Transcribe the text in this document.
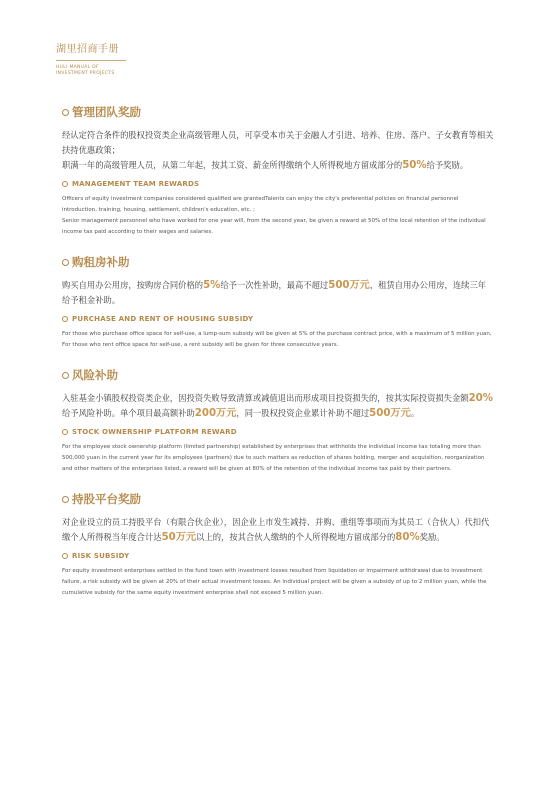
湖里招商手册
HULI MANUAL OF
INVESTMENT PROJECTS
管理团队奖励

经认定符合条件的股权投资类企业高级管理人员，可享受本市关于金融人才引进、培养、住房、落户、子女教育等相关扶持优惠政策；

职满一年的高级管理人员，从第二年起，按其工资、薪金所得缴纳个人所得税地方留成部分的50%给予奖励。

MANAGEMENT TEAM REWARDS

Officers of equity investment companies considered qualified are grantedTalents can enjoy the city's preferential policies on financial personnel introduction, training, housing, settlement, children's education, etc. ;

Senior management personnel who have worked for one year will, from the second year, be given a reward at 50% of the local retention of the individual income tax paid according to their wages and salaries.

购租房补助

购买自用办公用房，按购房合同价格的5%给予一次性补助，最高不超过500万元，租赁自用办公用房，连续三年给予租金补助。

PURCHASE AND RENT OF HOUSING SUBSIDY

For those who purchase office space for self-use, a lump-sum subsidy will be given at 5% of the purchase contract price, with a maximum of 5 million yuan, For those who rent office space for self-use, a rent subsidy will be given for three consecutive years.

风险补助

入驻基金小镇股权投资类企业，因投资失败导致清算或减值退出而形成项目投资损失的，按其实际投资损失金额20%给予风险补助。单个项目最高额补助200万元，同一股权投资企业累计补助不超过500万元。

STOCK OWNERSHIP PLATFORM REWARD

For the employee stock ownership platform (limited partnership) established by enterprises that withholds the individual income tax totaling more than 500,000 yuan in the current year for its employees (partners) due to such matters as reduction of shares holding, merger and acquisition, reorganization and other matters of the enterprises listed, a reward will be given at 80% of the retention of the individual income tax paid by their partners.

持股平台奖励

对企业设立的员工持股平台（有限合伙企业），因企业上市发生减持、并购、重组等事项而为其员工（合伙人）代扣代缴个人所得税当年度合计达50万元以上的，按其合伙人缴纳的个人所得税地方留成部分的80%奖励。

RISK SUBSIDY

For equity investment enterprises settled in the fund town with investment losses resulted from liquidation or impairment withdrawal due to investment failure, a risk subsidy will be given at 20% of their actual investment losses. An individual project will be given a subsidy of up to 2 million yuan, while the cumulative subsidy for the same equity investment enterprise shall not exceed 5 million yuan.
